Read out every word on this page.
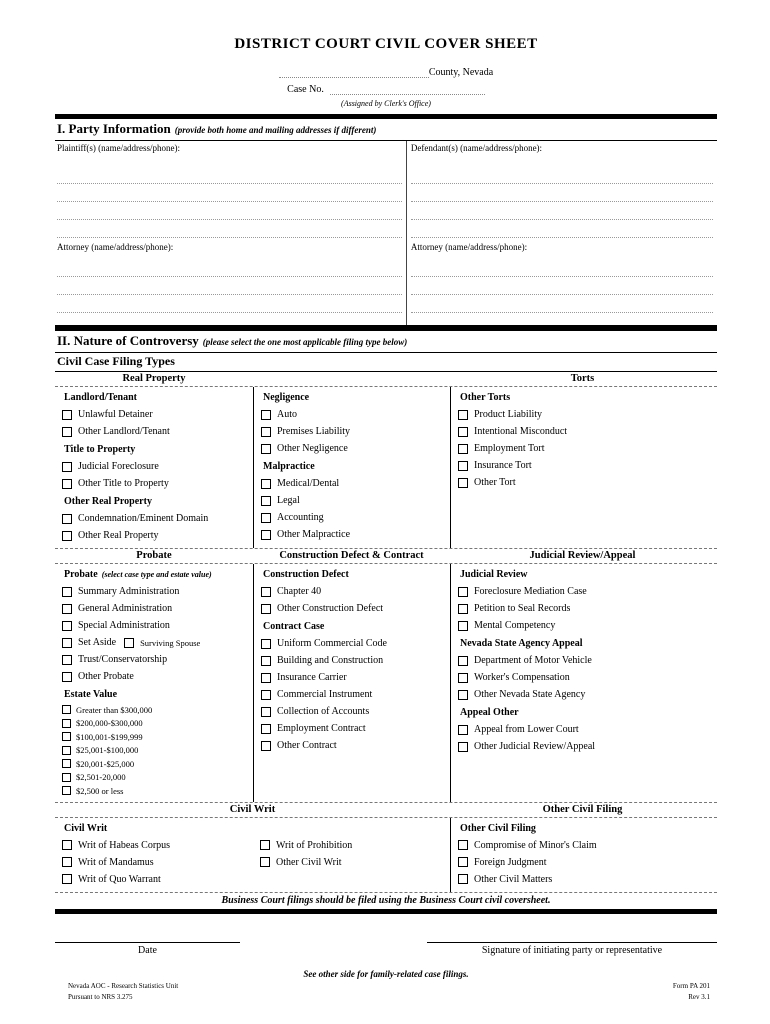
DISTRICT COURT CIVIL COVER SHEET
County, Nevada
Case No.
(Assigned by Clerk's Office)
I. Party Information (provide both home and mailing addresses if different)
Plaintiff(s) (name/address/phone):
Attorney (name/address/phone):
Defendant(s) (name/address/phone):
Attorney (name/address/phone):
II. Nature of Controversy (please select the one most applicable filing type below)
Civil Case Filing Types
Real Property	Torts
Landlord/Tenant
Unlawful Detainer
Other Landlord/Tenant
Title to Property
Judicial Foreclosure
Other Title to Property
Other Real Property
Condemnation/Eminent Domain
Other Real Property
Negligence
Auto
Premises Liability
Other Negligence
Malpractice
Medical/Dental
Legal
Accounting
Other Malpractice
Other Torts
Product Liability
Intentional Misconduct
Employment Tort
Insurance Tort
Other Tort
Probate	Construction Defect & Contract	Judicial Review/Appeal
Probate  (select case type and estate value)
Summary Administration
General Administration
Special Administration
Set Aside	Surviving Spouse
Trust/Conservatorship
Other Probate
Estate Value
Greater than $300,000
$200,000-$300,000
$100,001-$199,999
$25,001-$100,000
$20,001-$25,000
$2,501-20,000
$2,500 or less
Construction Defect
Chapter 40
Other Construction Defect
Contract Case
Uniform Commercial Code
Building and Construction
Insurance Carrier
Commercial Instrument
Collection of Accounts
Employment Contract
Other Contract
Judicial Review
Foreclosure Mediation Case
Petition to Seal Records
Mental Competency
Nevada State Agency Appeal
Department of Motor Vehicle
Worker's Compensation
Other Nevada State Agency
Appeal Other
Appeal from Lower Court
Other Judicial Review/Appeal
Civil Writ	Other Civil Filing
Civil Writ
Writ of Habeas Corpus
Writ of Mandamus
Writ of Quo Warrant

Writ of Prohibition
Other Civil Writ
Other Civil Filing
Compromise of Minor's Claim
Foreign Judgment
Other Civil Matters
Business Court filings should be filed using the Business Court civil coversheet.
Date	Signature of initiating party or representative
See other side for family-related case filings.
Nevada AOC - Research Statistics Unit
Pursuant to NRS 3.275
Form PA 201
Rev 3.1
